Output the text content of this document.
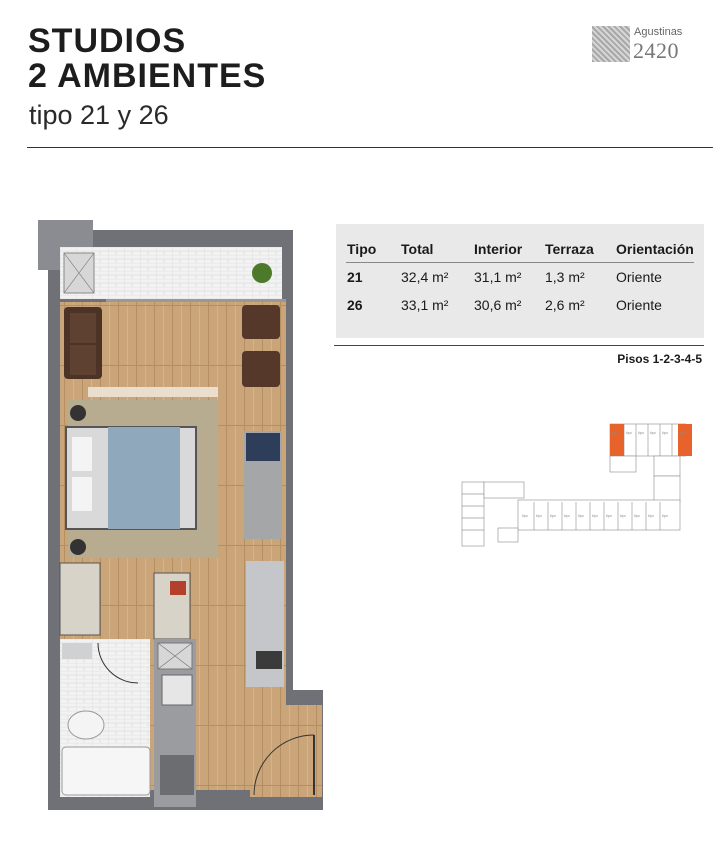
STUDIOS
2 AMBIENTES
tipo 21 y 26
Agustinas
2420
Tipo Total	Interior Terraza Orientación
21	32,4 m² 31,1 m² 1,3 m² Oriente
26	33,1 m² 30,6 m² 2,6 m² Oriente
Pisos 1-2-3-4-5
tipo tipo tipo tipo tipo	tipo
tipo tipo tipo tipo tipo tipo tipo tipo tipo tipo tipo
